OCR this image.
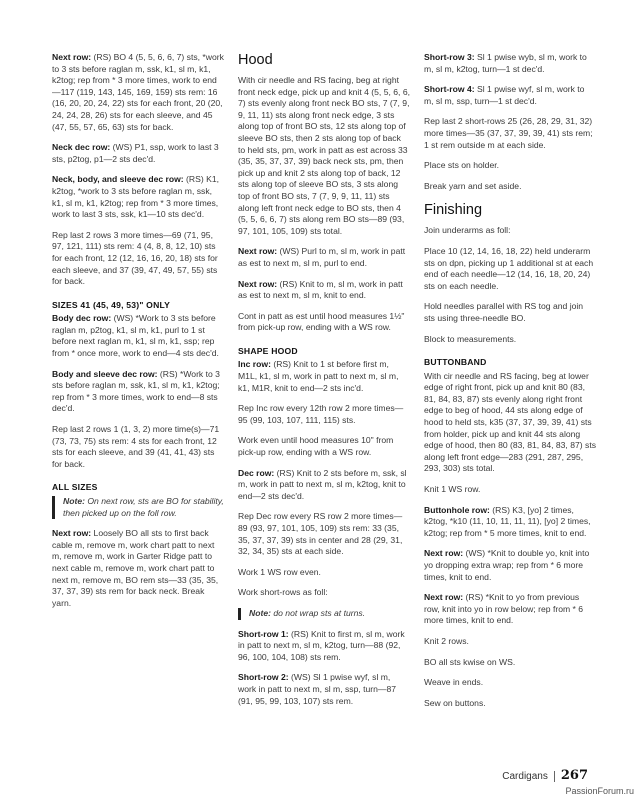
Next row: (RS) BO 4 (5, 5, 6, 6, 7) sts, *work to 3 sts before raglan m, ssk, k1, sl m, k1, k2tog; rep from * 3 more times, work to end—117 (119, 143, 145, 169, 159) sts rem: 16 (16, 20, 20, 24, 22) sts for each front, 20 (20, 24, 24, 28, 26) sts for each sleeve, and 45 (47, 55, 57, 65, 63) sts for back.

Neck dec row: (WS) P1, ssp, work to last 3 sts, p2tog, p1—2 sts dec'd.

Neck, body, and sleeve dec row: (RS) K1, k2tog, *work to 3 sts before raglan m, ssk, k1, sl m, k1, k2tog; rep from * 3 more times, work to last 3 sts, ssk, k1—10 sts dec'd.

Rep last 2 rows 3 more times—69 (71, 95, 97, 121, 111) sts rem: 4 (4, 8, 8, 12, 10) sts for each front, 12 (12, 16, 16, 20, 18) sts for each sleeve, and 37 (39, 47, 49, 57, 55) sts for back.

SIZES 41 (45, 49, 53)" ONLY

Body dec row: (WS) *Work to 3 sts before raglan m, p2tog, k1, sl m, k1, purl to 1 st before next raglan m, k1, sl m, k1, ssp; rep from * once more, work to end—4 sts dec'd.

Body and sleeve dec row: (RS) *Work to 3 sts before raglan m, ssk, k1, sl m, k1, k2tog; rep from * 3 more times, work to end—8 sts dec'd.

Rep last 2 rows 1 (1, 3, 2) more time(s)—71 (73, 73, 75) sts rem: 4 sts for each front, 12 sts for each sleeve, and 39 (41, 41, 43) sts for back.

ALL SIZES
Note: On next row, sts are BO for stability, then picked up on the foll row.

Next row: Loosely BO all sts to first back cable m, remove m, work chart patt to next m, remove m, work in Garter Ridge patt to next cable m, remove m, work chart patt to next m, remove m, BO rem sts—33 (35, 35, 37, 37, 39) sts rem for back neck. Break yarn.

Hood

With cir needle and RS facing, beg at right front neck edge, pick up and knit 4 (5, 5, 6, 6, 7) sts evenly along front neck BO sts, 7 (7, 9, 9, 11, 11) sts along front neck edge, 3 sts along top of front BO sts, 12 sts along top of sleeve BO sts, then 2 sts along top of back to held sts, pm, work in patt as est across 33 (35, 35, 37, 37, 39) back neck sts, pm, then pick up and knit 2 sts along top of back, 12 sts along top of sleeve BO sts, 3 sts along top of front BO sts, 7 (7, 9, 9, 11, 11) sts along left front neck edge to BO sts, then 4 (5, 5, 6, 6, 7) sts along rem BO sts—89 (93, 97, 101, 105, 109) sts total.

Next row: (WS) Purl to m, sl m, work in patt as est to next m, sl m, purl to end.

Next row: (RS) Knit to m, sl m, work in patt as est to next m, sl m, knit to end.

Cont in patt as est until hood measures 1½" from pick-up row, ending with a WS row.

SHAPE HOOD

Inc row: (RS) Knit to 1 st before first m, M1L, k1, sl m, work in patt to next m, sl m, k1, M1R, knit to end—2 sts inc'd.

Rep Inc row every 12th row 2 more times—95 (99, 103, 107, 111, 115) sts.

Work even until hood measures 10" from pick-up row, ending with a WS row.

Dec row: (RS) Knit to 2 sts before m, ssk, sl m, work in patt to next m, sl m, k2tog, knit to end—2 sts dec'd.

Rep Dec row every RS row 2 more times—89 (93, 97, 101, 105, 109) sts rem: 33 (35, 35, 37, 37, 39) sts in center and 28 (29, 31, 32, 34, 35) sts at each side.

Work 1 WS row even.

Work short-rows as foll:

Note: do not wrap sts at turns.

Short-row 1: (RS) Knit to first m, sl m, work in patt to next m, sl m, k2tog, turn—88 (92, 96, 100, 104, 108) sts rem.

Short-row 2: (WS) Sl 1 pwise wyf, sl m, work in patt to next m, sl m, ssp, turn—87 (91, 95, 99, 103, 107) sts rem.

Short-row 3: Sl 1 pwise wyb, sl m, work to m, sl m, k2tog, turn—1 st dec'd.

Short-row 4: Sl 1 pwise wyf, sl m, work to m, sl m, ssp, turn—1 st dec'd.

Rep last 2 short-rows 25 (26, 28, 29, 31, 32) more times—35 (37, 37, 39, 39, 41) sts rem; 1 st rem outside m at each side.

Place sts on holder.

Break yarn and set aside.

Finishing

Join underarms as foll:

Place 10 (12, 14, 16, 18, 22) held underarm sts on dpn, picking up 1 additional st at each end of each needle—12 (14, 16, 18, 20, 24) sts on each needle.

Hold needles parallel with RS tog and join sts using three-needle BO.

Block to measurements.

BUTTONBAND

With cir needle and RS facing, beg at lower edge of right front, pick up and knit 80 (83, 81, 84, 83, 87) sts evenly along right front edge to beg of hood, 44 sts along edge of hood to held sts, k35 (37, 37, 39, 39, 41) sts from holder, pick up and knit 44 sts along edge of hood, then 80 (83, 81, 84, 83, 87) sts along left front edge—283 (291, 287, 295, 293, 303) sts total.

Knit 1 WS row.

Buttonhole row: (RS) K3, [yo] 2 times, k2tog, *k10 (11, 10, 11, 11, 11), [yo] 2 times, k2tog; rep from * 5 more times, knit to end.

Next row: (WS) *Knit to double yo, knit into yo dropping extra wrap; rep from * 6 more times, knit to end.

Next row: (RS) *Knit to yo from previous row, knit into yo in row below; rep from * 6 more times, knit to end.

Knit 2 rows.

BO all sts kwise on WS.

Weave in ends.

Sew on buttons.

Cardigans 267
PassionForum.ru
